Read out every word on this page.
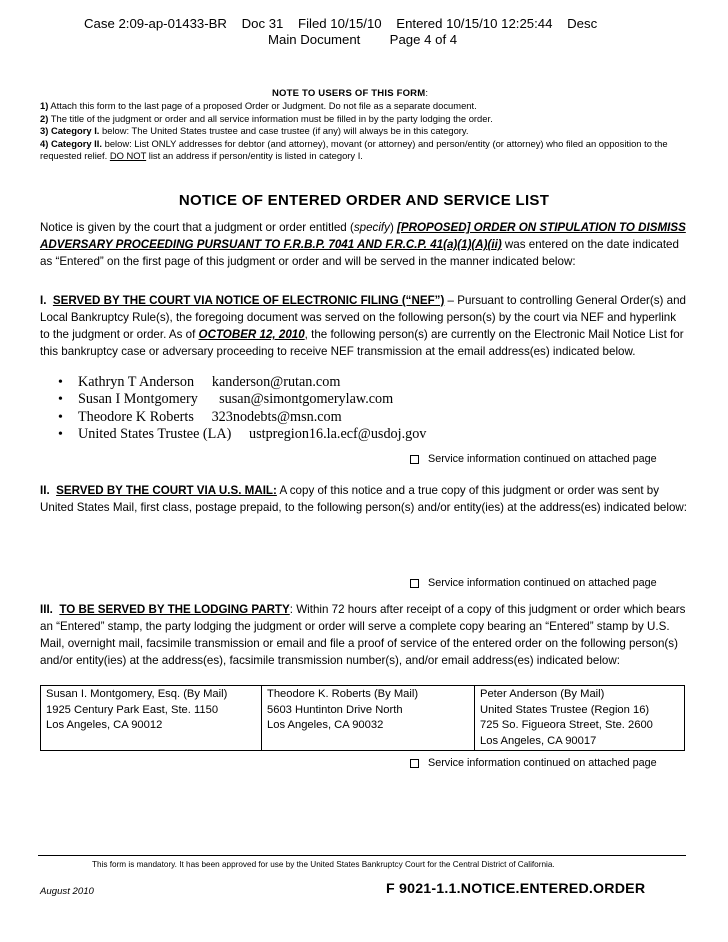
Case 2:09-ap-01433-BR    Doc 31    Filed 10/15/10    Entered 10/15/10 12:25:44    Desc
Main Document        Page 4 of 4
NOTE TO USERS OF THIS FORM:
1) Attach this form to the last page of a proposed Order or Judgment. Do not file as a separate document.
2) The title of the judgment or order and all service information must be filled in by the party lodging the order.
3) Category I. below: The United States trustee and case trustee (if any) will always be in this category.
4) Category II. below: List ONLY addresses for debtor (and attorney), movant (or attorney) and person/entity (or attorney) who filed an opposition to the requested relief. DO NOT list an address if person/entity is listed in category I.
NOTICE OF ENTERED ORDER AND SERVICE LIST
Notice is given by the court that a judgment or order entitled (specify) [PROPOSED] ORDER ON STIPULATION TO DISMISS ADVERSARY PROCEEDING PURSUANT TO F.R.B.P. 7041 AND F.R.C.P. 41(a)(1)(A)(ii) was entered on the date indicated as “Entered” on the first page of this judgment or order and will be served in the manner indicated below:
I. SERVED BY THE COURT VIA NOTICE OF ELECTRONIC FILING (“NEF”) – Pursuant to controlling General Order(s) and Local Bankruptcy Rule(s), the foregoing document was served on the following person(s) by the court via NEF and hyperlink to the judgment or order. As of OCTOBER 12, 2010, the following person(s) are currently on the Electronic Mail Notice List for this bankruptcy case or adversary proceeding to receive NEF transmission at the email address(es) indicated below.
• Kathryn T Anderson     kanderson@rutan.com
• Susan I Montgomery      susan@simontgomerylaw.com
• Theodore K Roberts     323nodebts@msn.com
• United States Trustee (LA)     ustpregion16.la.ecf@usdoj.gov
Service information continued on attached page
II. SERVED BY THE COURT VIA U.S. MAIL: A copy of this notice and a true copy of this judgment or order was sent by United States Mail, first class, postage prepaid, to the following person(s) and/or entity(ies) at the address(es) indicated below:
Service information continued on attached page
III. TO BE SERVED BY THE LODGING PARTY: Within 72 hours after receipt of a copy of this judgment or order which bears an “Entered” stamp, the party lodging the judgment or order will serve a complete copy bearing an “Entered” stamp by U.S. Mail, overnight mail, facsimile transmission or email and file a proof of service of the entered order on the following person(s) and/or entity(ies) at the address(es), facsimile transmission number(s), and/or email address(es) indicated below:
Susan I. Montgomery, Esq. (By Mail)
1925 Century Park East, Ste. 1150
Los Angeles, CA 90012

Theodore K. Roberts (By Mail)
5603 Huntinton Drive North
Los Angeles, CA 90032

Peter Anderson (By Mail)
United States Trustee (Region 16)
725 So. Figueora Street, Ste. 2600
Los Angeles, CA 90017
Service information continued on attached page
This form is mandatory. It has been approved for use by the United States Bankruptcy Court for the Central District of California.
August 2010	F 9021-1.1.NOTICE.ENTERED.ORDER
